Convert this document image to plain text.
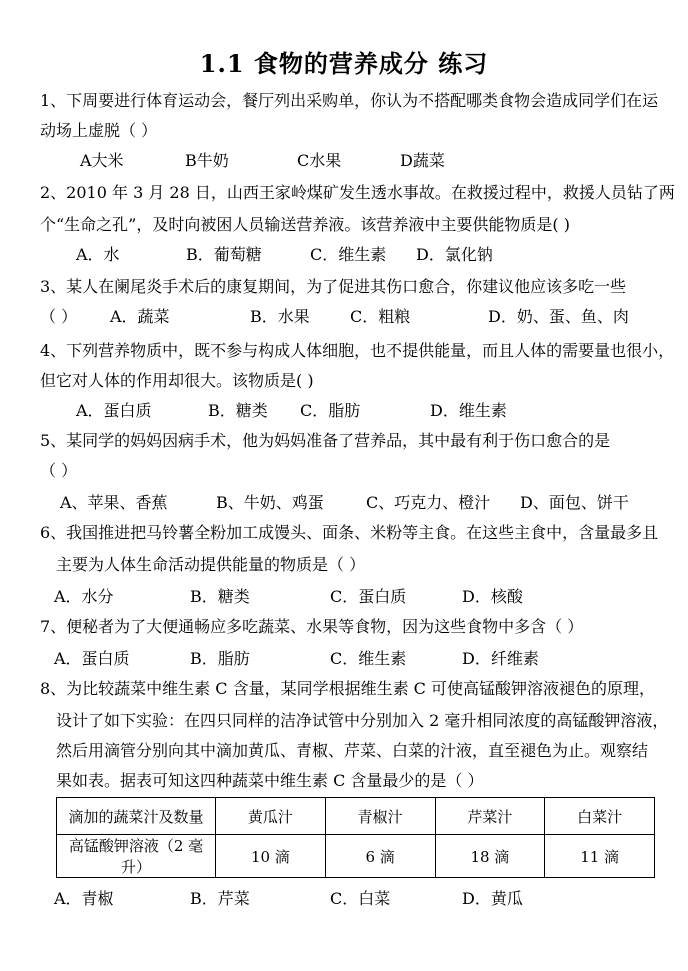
1.1 食物的营养成分 练习
1、下周要进行体育运动会，餐厅列出采购单，你认为不搭配哪类食物会造成同学们在运
动场上虚脱（ ）
A大米	B牛奶	C水果	D蔬菜
2、2010 年 3 月 28 日，山西王家岭煤矿发生透水事故。在救援过程中，救援人员钻了两
个“生命之孔”，及时向被困人员输送营养液。该营养液中主要供能物质是( )
A．水	B．葡萄糖	C．维生素 D．氯化钠
3、某人在阑尾炎手术后的康复期间，为了促进其伤口愈合，你建议他应该多吃一些
（ ） A．蔬菜	B．水果	C．粗粮	D．奶、蛋、鱼、肉
4、下列营养物质中，既不参与构成人体细胞，也不提供能量，而且人体的需要量也很小，
但它对人体的作用却很大。该物质是( )
A．蛋白质	B．糖类 C．脂肪	D．维生素
5、某同学的妈妈因病手术，他为妈妈准备了营养品，其中最有利于伤口愈合的是
（ ）
A、苹果、香蕉	B、牛奶、鸡蛋	C、巧克力、橙汁 D、面包、饼干
6、我国推进把马铃薯全粉加工成馒头、面条、米粉等主食。在这些主食中，含量最多且
主要为人体生命活动提供能量的物质是（ ）
A．水分	B．糖类	C．蛋白质	D．核酸
7、便秘者为了大便通畅应多吃蔬菜、水果等食物，因为这些食物中多含（ ）
A．蛋白质	B．脂肪	C．维生素	D．纤维素
8、为比较蔬菜中维生素 C 含量，某同学根据维生素 C 可使高锰酸钾溶液褪色的原理，
设计了如下实验：在四只同样的洁净试管中分别加入 2 毫升相同浓度的高锰酸钾溶液，
然后用滴管分别向其中滴加黄瓜、青椒、芹菜、白菜的汁液，直至褪色为止。观察结
果如表。据表可知这四种蔬菜中维生素 C 含量最少的是（ ）
滴加的蔬菜汁及数量	黄瓜汁	青椒汁	芹菜汁	白菜汁
高锰酸钾溶液（2 毫升）	10 滴	6 滴	18 滴	11 滴
A．青椒	B．芹菜	C．白菜	D．黄瓜
